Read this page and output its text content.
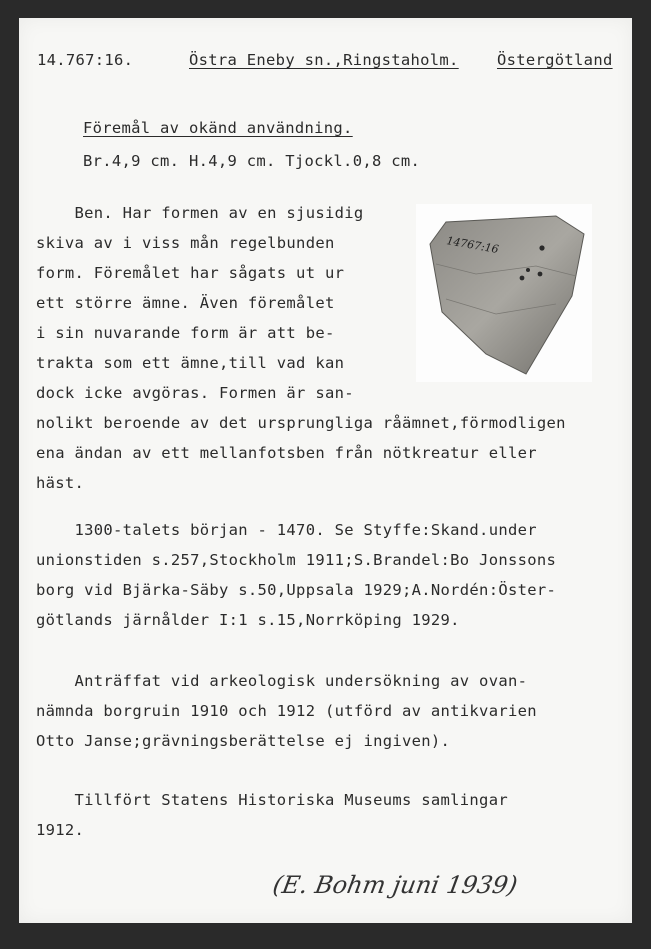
14.767:16.	Östra Eneby sn.,Ringstaholm. Östergötland
Föremål av okänd användning.
Br.4,9 cm. H.4,9 cm. Tjockl.0,8 cm.
Ben. Har formen av en sjusidig
skiva av i viss mån regelbunden
form. Föremålet har sågats ut ur
ett större ämne. Även föremålet
i sin nuvarande form är att be-
trakta som ett ämne,till vad kan
dock icke avgöras. Formen är san-
nolikt beroende av det ursprungliga råämnet,förmodligen
ena ändan av ett mellanfotsben från nötkreatur eller
häst.
1300-talets början - 1470. Se Styffe:Skand.under
unionstiden s.257,Stockholm 1911;S.Brandel:Bo Jonssons
borg vid Bjärka-Säby s.50,Uppsala 1929;A.Nordén:Öster-
götlands järnålder I:1 s.15,Norrköping 1929.
Anträffat vid arkeologisk undersökning av ovan-
nämnda borgruin 1910 och 1912 (utförd av antikvarien
Otto Janse;grävningsberättelse ej ingiven).
Tillfört Statens Historiska Museums samlingar
1912.
14767:16
(E. Bohm juni 1939)
